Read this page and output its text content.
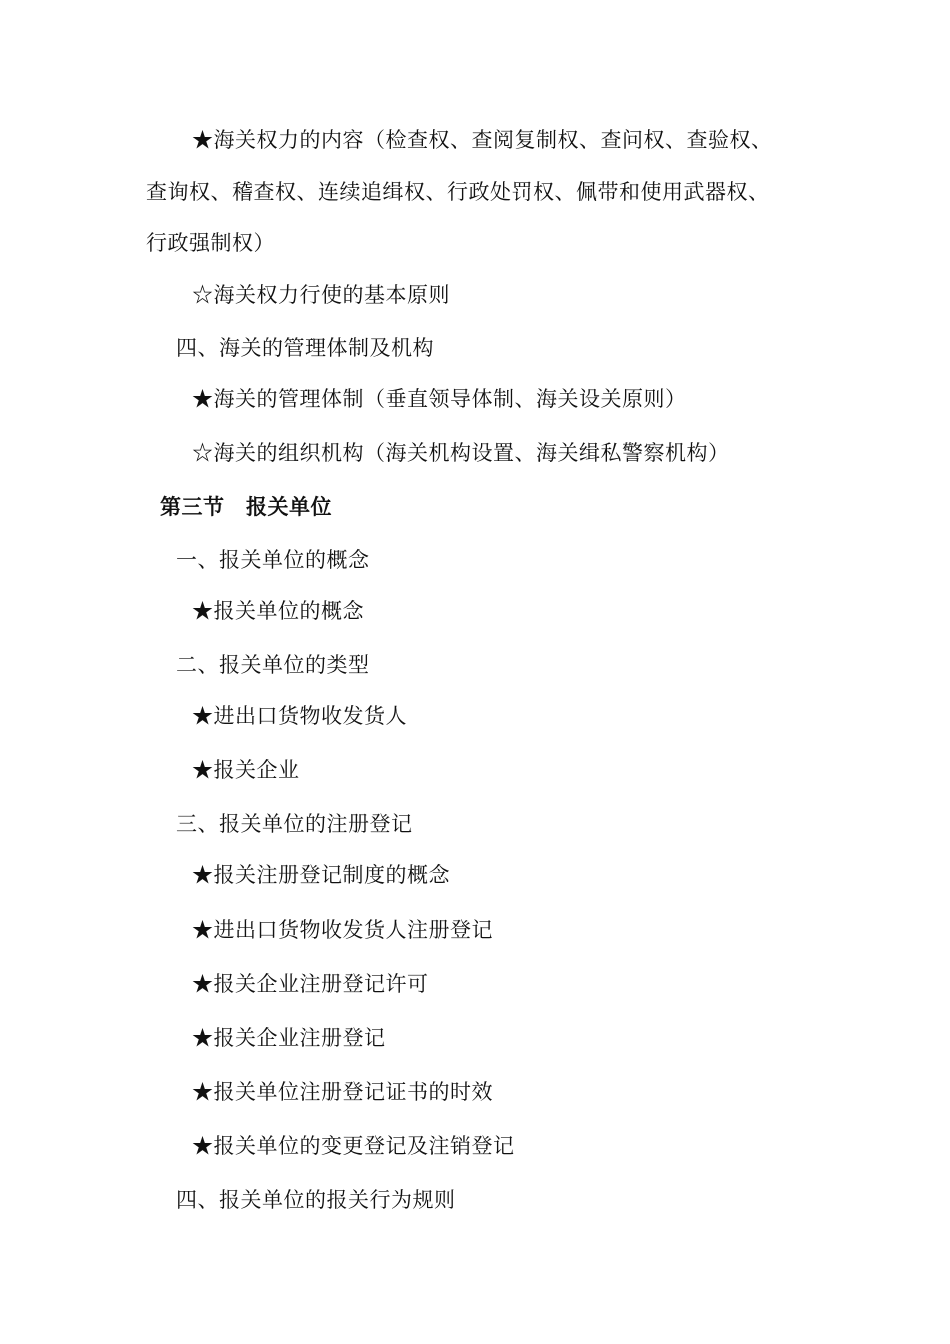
★海关权力的内容（检查权、查阅复制权、查问权、查验权、
查询权、稽查权、连续追缉权、行政处罚权、佩带和使用武器权、
行政强制权）
☆海关权力行使的基本原则
四、海关的管理体制及机构
★海关的管理体制（垂直领导体制、海关设关原则）
☆海关的组织机构（海关机构设置、海关缉私警察机构）
第三节　报关单位
一、报关单位的概念
★报关单位的概念
二、报关单位的类型
★进出口货物收发货人
★报关企业
三、报关单位的注册登记
★报关注册登记制度的概念
★进出口货物收发货人注册登记
★报关企业注册登记许可
★报关企业注册登记
★报关单位注册登记证书的时效
★报关单位的变更登记及注销登记
四、报关单位的报关行为规则
